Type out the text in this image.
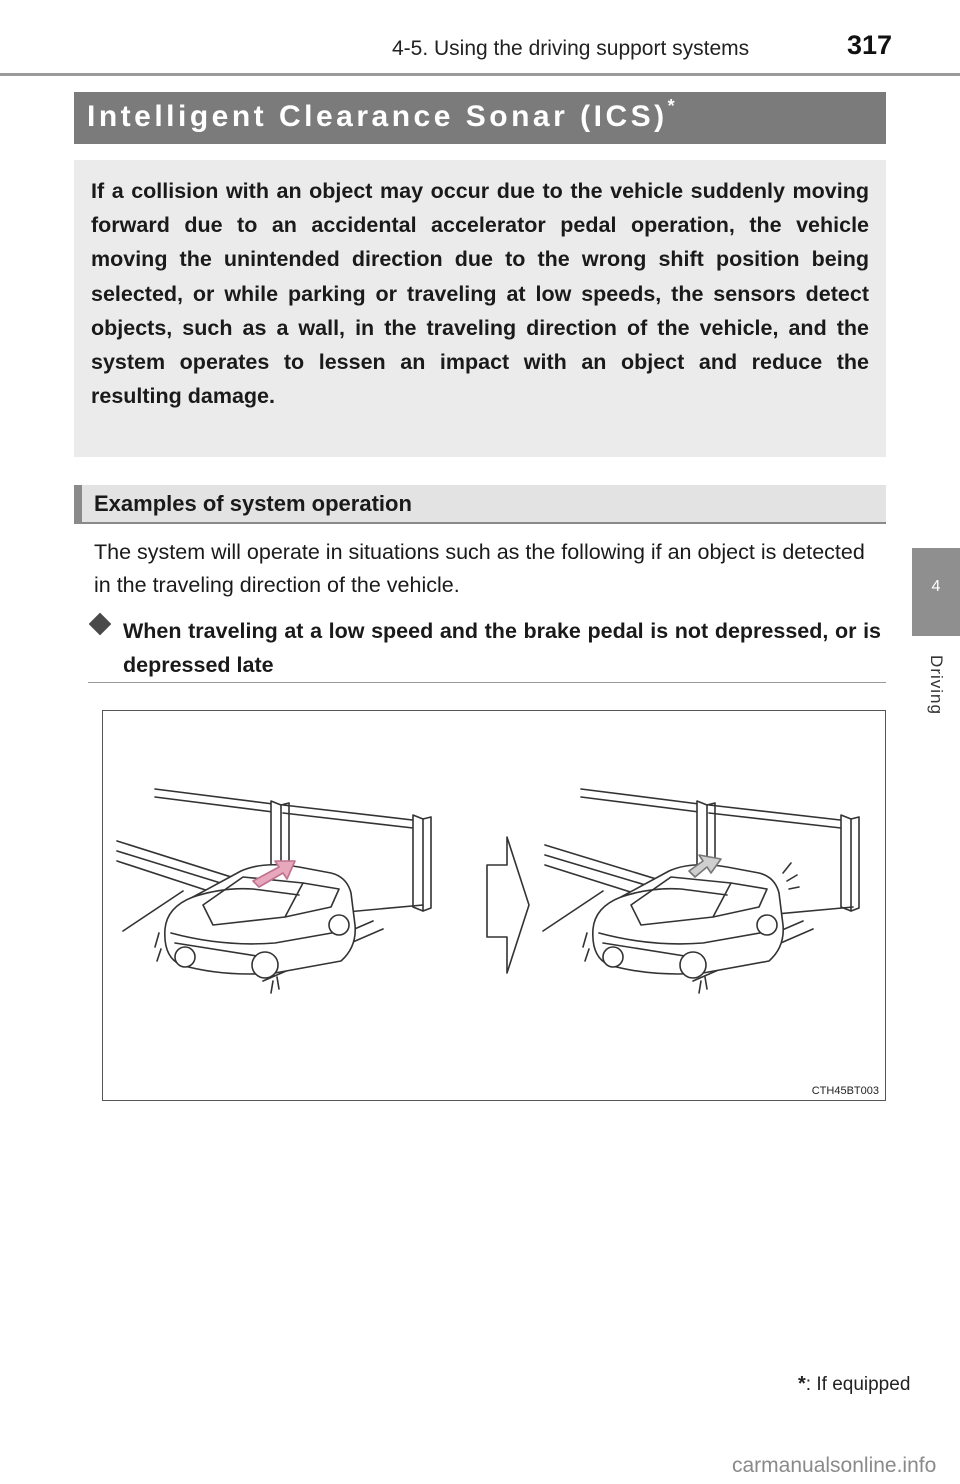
4-5. Using the driving support systems	317
4
Driving
Intelligent Clearance Sonar (ICS)*

If a collision with an object may occur due to the vehicle suddenly moving forward due to an accidental accelerator pedal operation, the vehicle moving the unintended direction due to the wrong shift position being selected, or while parking or traveling at low speeds, the sensors detect objects, such as a wall, in the traveling direction of the vehicle, and the system operates to lessen an impact with an object and reduce the resulting damage.

Examples of system operation

The system will operate in situations such as the following if an object is detected in the traveling direction of the vehicle.

When traveling at a low speed and the brake pedal is not depressed, or is depressed late

CTH45BT003
*: If equipped
carmanualsonline.info
